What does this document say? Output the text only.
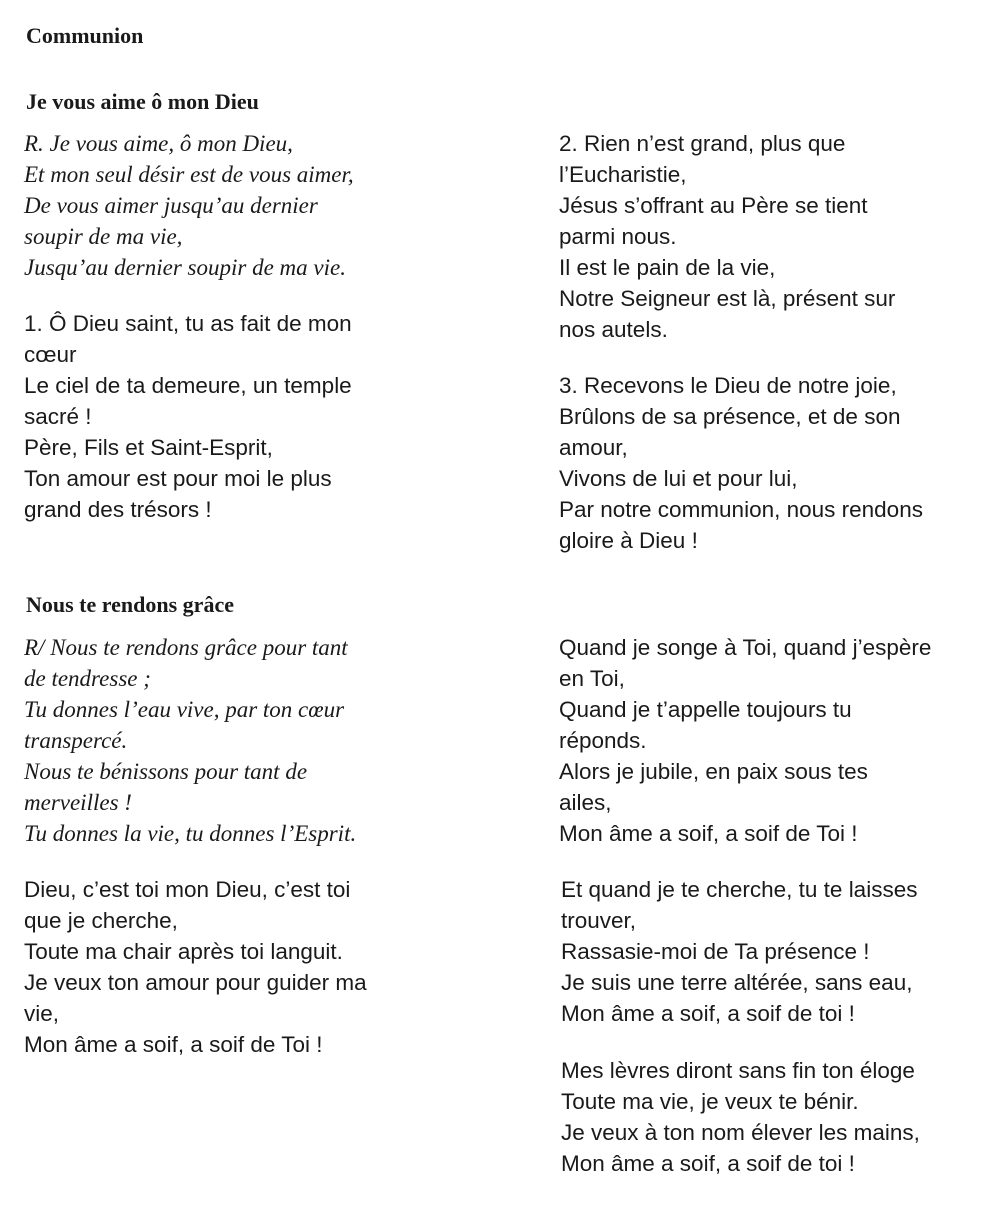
Communion
Je vous aime ô mon Dieu

R. Je vous aime, ô mon Dieu,
Et mon seul désir est de vous aimer,
De vous aimer jusqu’au dernier
soupir de ma vie,
Jusqu’au dernier soupir de ma vie.

1. Ô Dieu saint, tu as fait de mon
cœur
Le ciel de ta demeure, un temple
sacré !
Père, Fils et Saint-Esprit,
Ton amour est pour moi le plus
grand des trésors !

2. Rien n’est grand, plus que
l’Eucharistie,
Jésus s’offrant au Père se tient
parmi nous.
Il est le pain de la vie,
Notre Seigneur est là, présent sur
nos autels.

3. Recevons le Dieu de notre joie,
Brûlons de sa présence, et de son
amour,
Vivons de lui et pour lui,
Par notre communion, nous rendons
gloire à Dieu !

Nous te rendons grâce

R/ Nous te rendons grâce pour tant
de tendresse ;
Tu donnes l’eau vive, par ton cœur
transpercé.
Nous te bénissons pour tant de
merveilles !
Tu donnes la vie, tu donnes l’Esprit.

Dieu, c’est toi mon Dieu, c’est toi
que je cherche,
Toute ma chair après toi languit.
Je veux ton amour pour guider ma
vie,
Mon âme a soif, a soif de Toi !

Quand je songe à Toi, quand j’espère
en Toi,
Quand je t’appelle toujours tu
réponds.
Alors je jubile, en paix sous tes
ailes,
Mon âme a soif, a soif de Toi !

Et quand je te cherche, tu te laisses
trouver,
Rassasie-moi de Ta présence !
Je suis une terre altérée, sans eau,
Mon âme a soif, a soif de toi !

Mes lèvres diront sans fin ton éloge
Toute ma vie, je veux te bénir.
Je veux à ton nom élever les mains,
Mon âme a soif, a soif de toi !
